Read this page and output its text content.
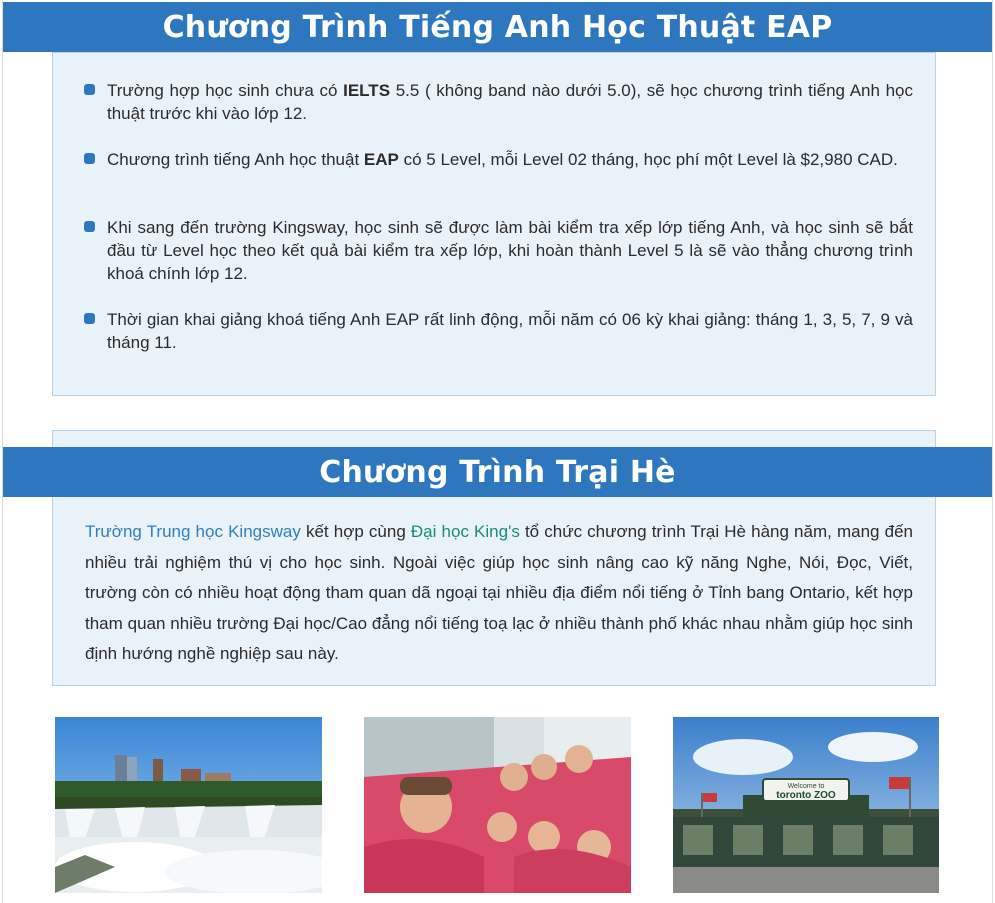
Chương Trình Tiếng Anh Học Thuật EAP
Trường hợp học sinh chưa có IELTS 5.5 ( không band nào dưới 5.0), sẽ học chương trình tiếng Anh học thuật trước khi vào lớp 12.
Chương trình tiếng Anh học thuật EAP có 5 Level, mỗi Level 02 tháng, học phí một Level là $2,980 CAD.
Khi sang đến trường Kingsway, học sinh sẽ được làm bài kiểm tra xếp lớp tiếng Anh, và học sinh sẽ bắt đầu từ Level học theo kết quả bài kiểm tra xếp lớp, khi hoàn thành Level 5 là sẽ vào thẳng chương trình khoá chính lớp 12.
Thời gian khai giảng khoá tiếng Anh EAP rất linh động, mỗi năm có 06 kỳ khai giảng: tháng 1, 3, 5, 7, 9 và tháng 11.

Trường Trung học Kingsway kết hợp cùng Đại học King's tổ chức chương trình Trại Hè hàng năm, mang đến nhiều trải nghiệm thú vị cho học sinh. Ngoài việc giúp học sinh nâng cao kỹ năng Nghe, Nói, Đọc, Viết, trường còn có nhiều hoạt động tham quan dã ngoại tại nhiều địa điểm nổi tiếng ở Tỉnh bang Ontario, kết hợp tham quan nhiều trường Đại học/Cao đẳng nổi tiếng toạ lạc ở nhiều thành phố khác nhau nhằm giúp học sinh định hướng nghề nghiệp sau này.

Chương Trình Trại Hè
Welcome to
toronto ZOO
